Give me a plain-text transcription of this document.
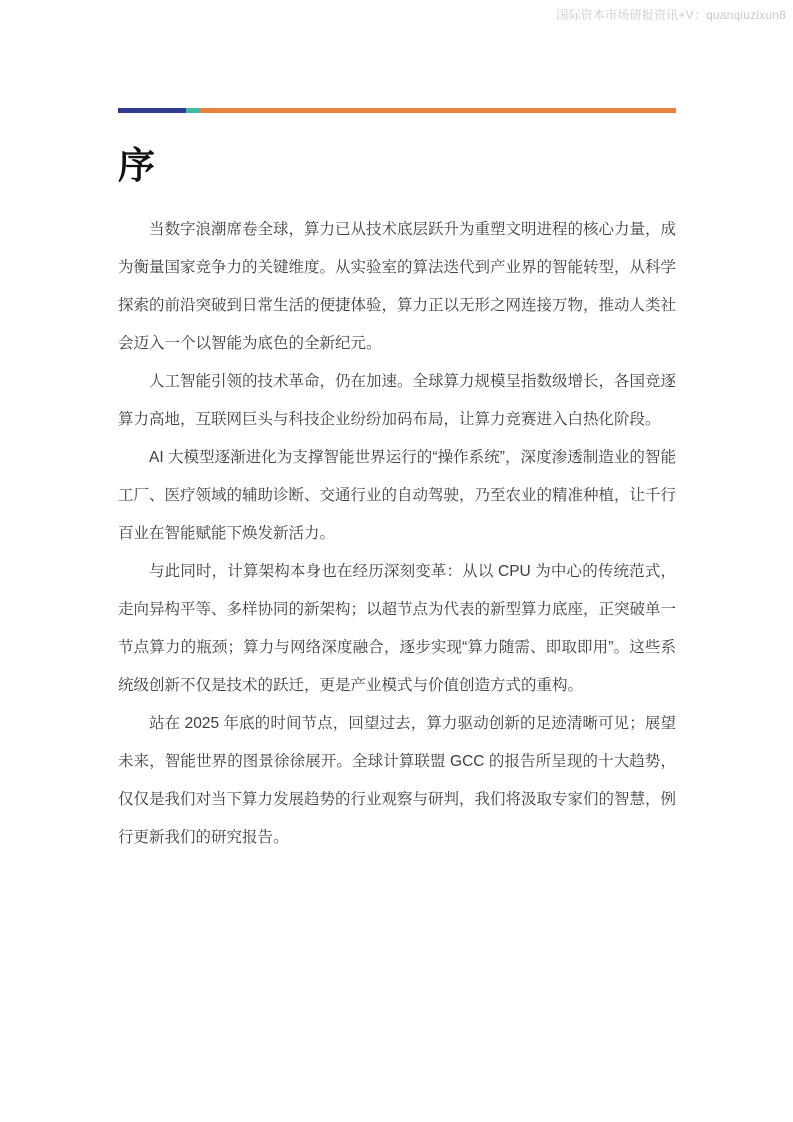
国际资本市场研报资讯+V：quanqiuzixun8
序

当数字浪潮席卷全球，算力已从技术底层跃升为重塑文明进程的核心力量，成为衡量国家竞争力的关键维度。从实验室的算法迭代到产业界的智能转型，从科学探索的前沿突破到日常生活的便捷体验，算力正以无形之网连接万物，推动人类社会迈入一个以智能为底色的全新纪元。

人工智能引领的技术革命，仍在加速。全球算力规模呈指数级增长，各国竞逐算力高地，互联网巨头与科技企业纷纷加码布局，让算力竞赛进入白热化阶段。

AI 大模型逐渐进化为支撑智能世界运行的“操作系统”，深度渗透制造业的智能工厂、医疗领域的辅助诊断、交通行业的自动驾驶，乃至农业的精准种植，让千行百业在智能赋能下焕发新活力。

与此同时，计算架构本身也在经历深刻变革：从以 CPU 为中心的传统范式，走向异构平等、多样协同的新架构；以超节点为代表的新型算力底座，正突破单一节点算力的瓶颈；算力与网络深度融合，逐步实现“算力随需、即取即用”。这些系统级创新不仅是技术的跃迁，更是产业模式与价值创造方式的重构。

站在 2025 年底的时间节点，回望过去，算力驱动创新的足迹清晰可见；展望未来，智能世界的图景徐徐展开。全球计算联盟 GCC 的报告所呈现的十大趋势，仅仅是我们对当下算力发展趋势的行业观察与研判，我们将汲取专家们的智慧，例行更新我们的研究报告。
